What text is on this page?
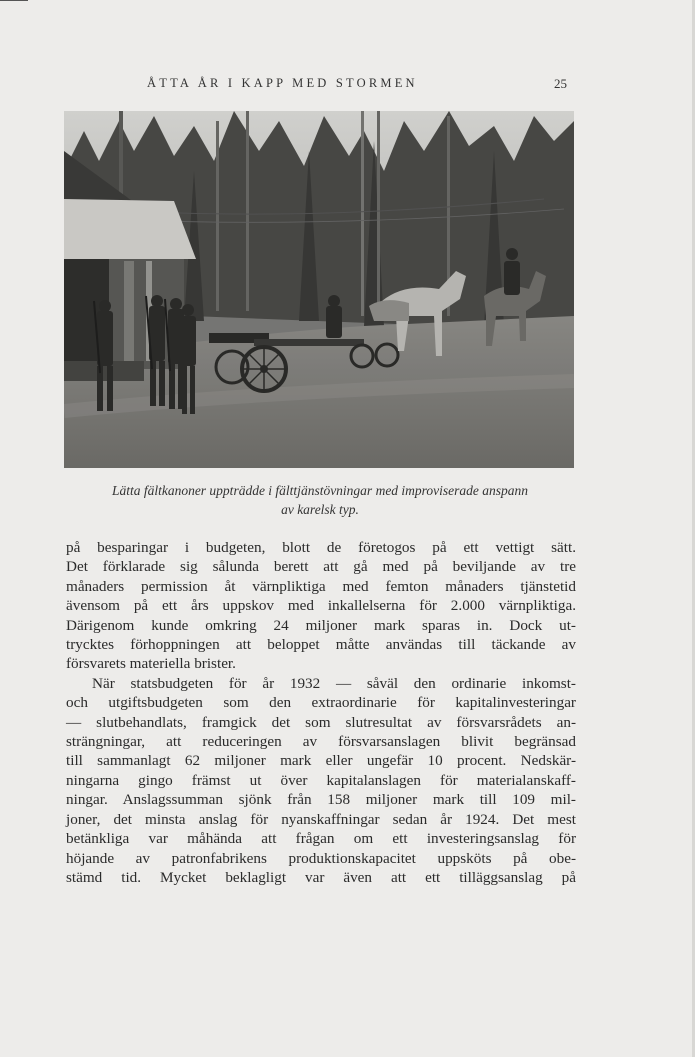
ÅTTA ÅR I KAPP MED STORMEN	25
Lätta fältkanoner uppträdde i fälttjänstövningar med improviserade anspann
av karelsk typ.
på besparingar i budgeten, blott de företogos på ett vettigt sätt.
Det förklarade sig sålunda berett att gå med på beviljande av tre
månaders permission åt värnpliktiga med femton månaders tjänstetid
ävensom på ett års uppskov med inkallelserna för 2.000 värnpliktiga.
Därigenom kunde omkring 24 miljoner mark sparas in. Dock ut-
trycktes förhoppningen att beloppet måtte användas till täckande av
försvarets materiella brister.
När statsbudgeten för år 1932 — såväl den ordinarie inkomst-
och utgiftsbudgeten som den extraordinarie för kapitalinvesteringar
— slutbehandlats, framgick det som slutresultat av försvarsrådets an-
strängningar, att reduceringen av försvarsanslagen blivit begränsad
till sammanlagt 62 miljoner mark eller ungefär 10 procent. Nedskär-
ningarna gingo främst ut över kapitalanslagen för materialanskaff-
ningar. Anslagssumman sjönk från 158 miljoner mark till 109 mil-
joner, det minsta anslag för nyanskaffningar sedan år 1924. Det mest
betänkliga var måhända att frågan om ett investeringsanslag för
höjande av patronfabrikens produktionskapacitet uppsköts på obe-
stämd tid. Mycket beklagligt var även att ett tilläggsanslag på
